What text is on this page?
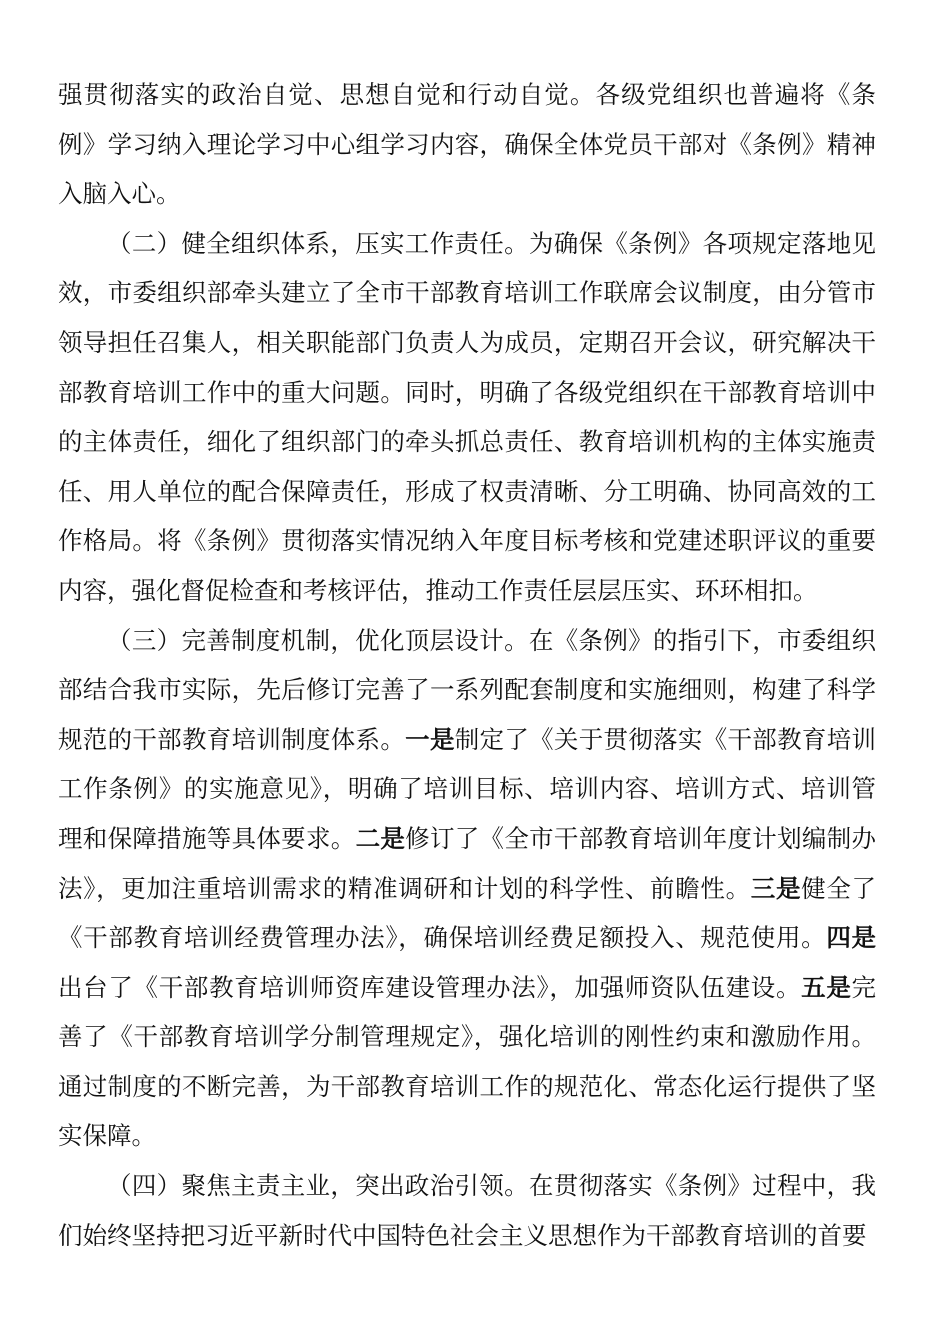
强贯彻落实的政治自觉、思想自觉和行动自觉。各级党组织也普遍将《条例》学习纳入理论学习中心组学习内容，确保全体党员干部对《条例》精神入脑入心。

（二）健全组织体系，压实工作责任。为确保《条例》各项规定落地见效，市委组织部牵头建立了全市干部教育培训工作联席会议制度，由分管市领导担任召集人，相关职能部门负责人为成员，定期召开会议，研究解决干部教育培训工作中的重大问题。同时，明确了各级党组织在干部教育培训中的主体责任，细化了组织部门的牵头抓总责任、教育培训机构的主体实施责任、用人单位的配合保障责任，形成了权责清晰、分工明确、协同高效的工作格局。将《条例》贯彻落实情况纳入年度目标考核和党建述职评议的重要内容，强化督促检查和考核评估，推动工作责任层层压实、环环相扣。

（三）完善制度机制，优化顶层设计。在《条例》的指引下，市委组织部结合我市实际，先后修订完善了一系列配套制度和实施细则，构建了科学规范的干部教育培训制度体系。一是制定了《关于贯彻落实《干部教育培训工作条例》的实施意见》，明确了培训目标、培训内容、培训方式、培训管理和保障措施等具体要求。二是修订了《全市干部教育培训年度计划编制办法》，更加注重培训需求的精准调研和计划的科学性、前瞻性。三是健全了《干部教育培训经费管理办法》，确保培训经费足额投入、规范使用。四是出台了《干部教育培训师资库建设管理办法》，加强师资队伍建设。五是完善了《干部教育培训学分制管理规定》，强化培训的刚性约束和激励作用。通过制度的不断完善，为干部教育培训工作的规范化、常态化运行提供了坚实保障。

（四）聚焦主责主业，突出政治引领。在贯彻落实《条例》过程中，我们始终坚持把习近平新时代中国特色社会主义思想作为干部教育培训的首要
